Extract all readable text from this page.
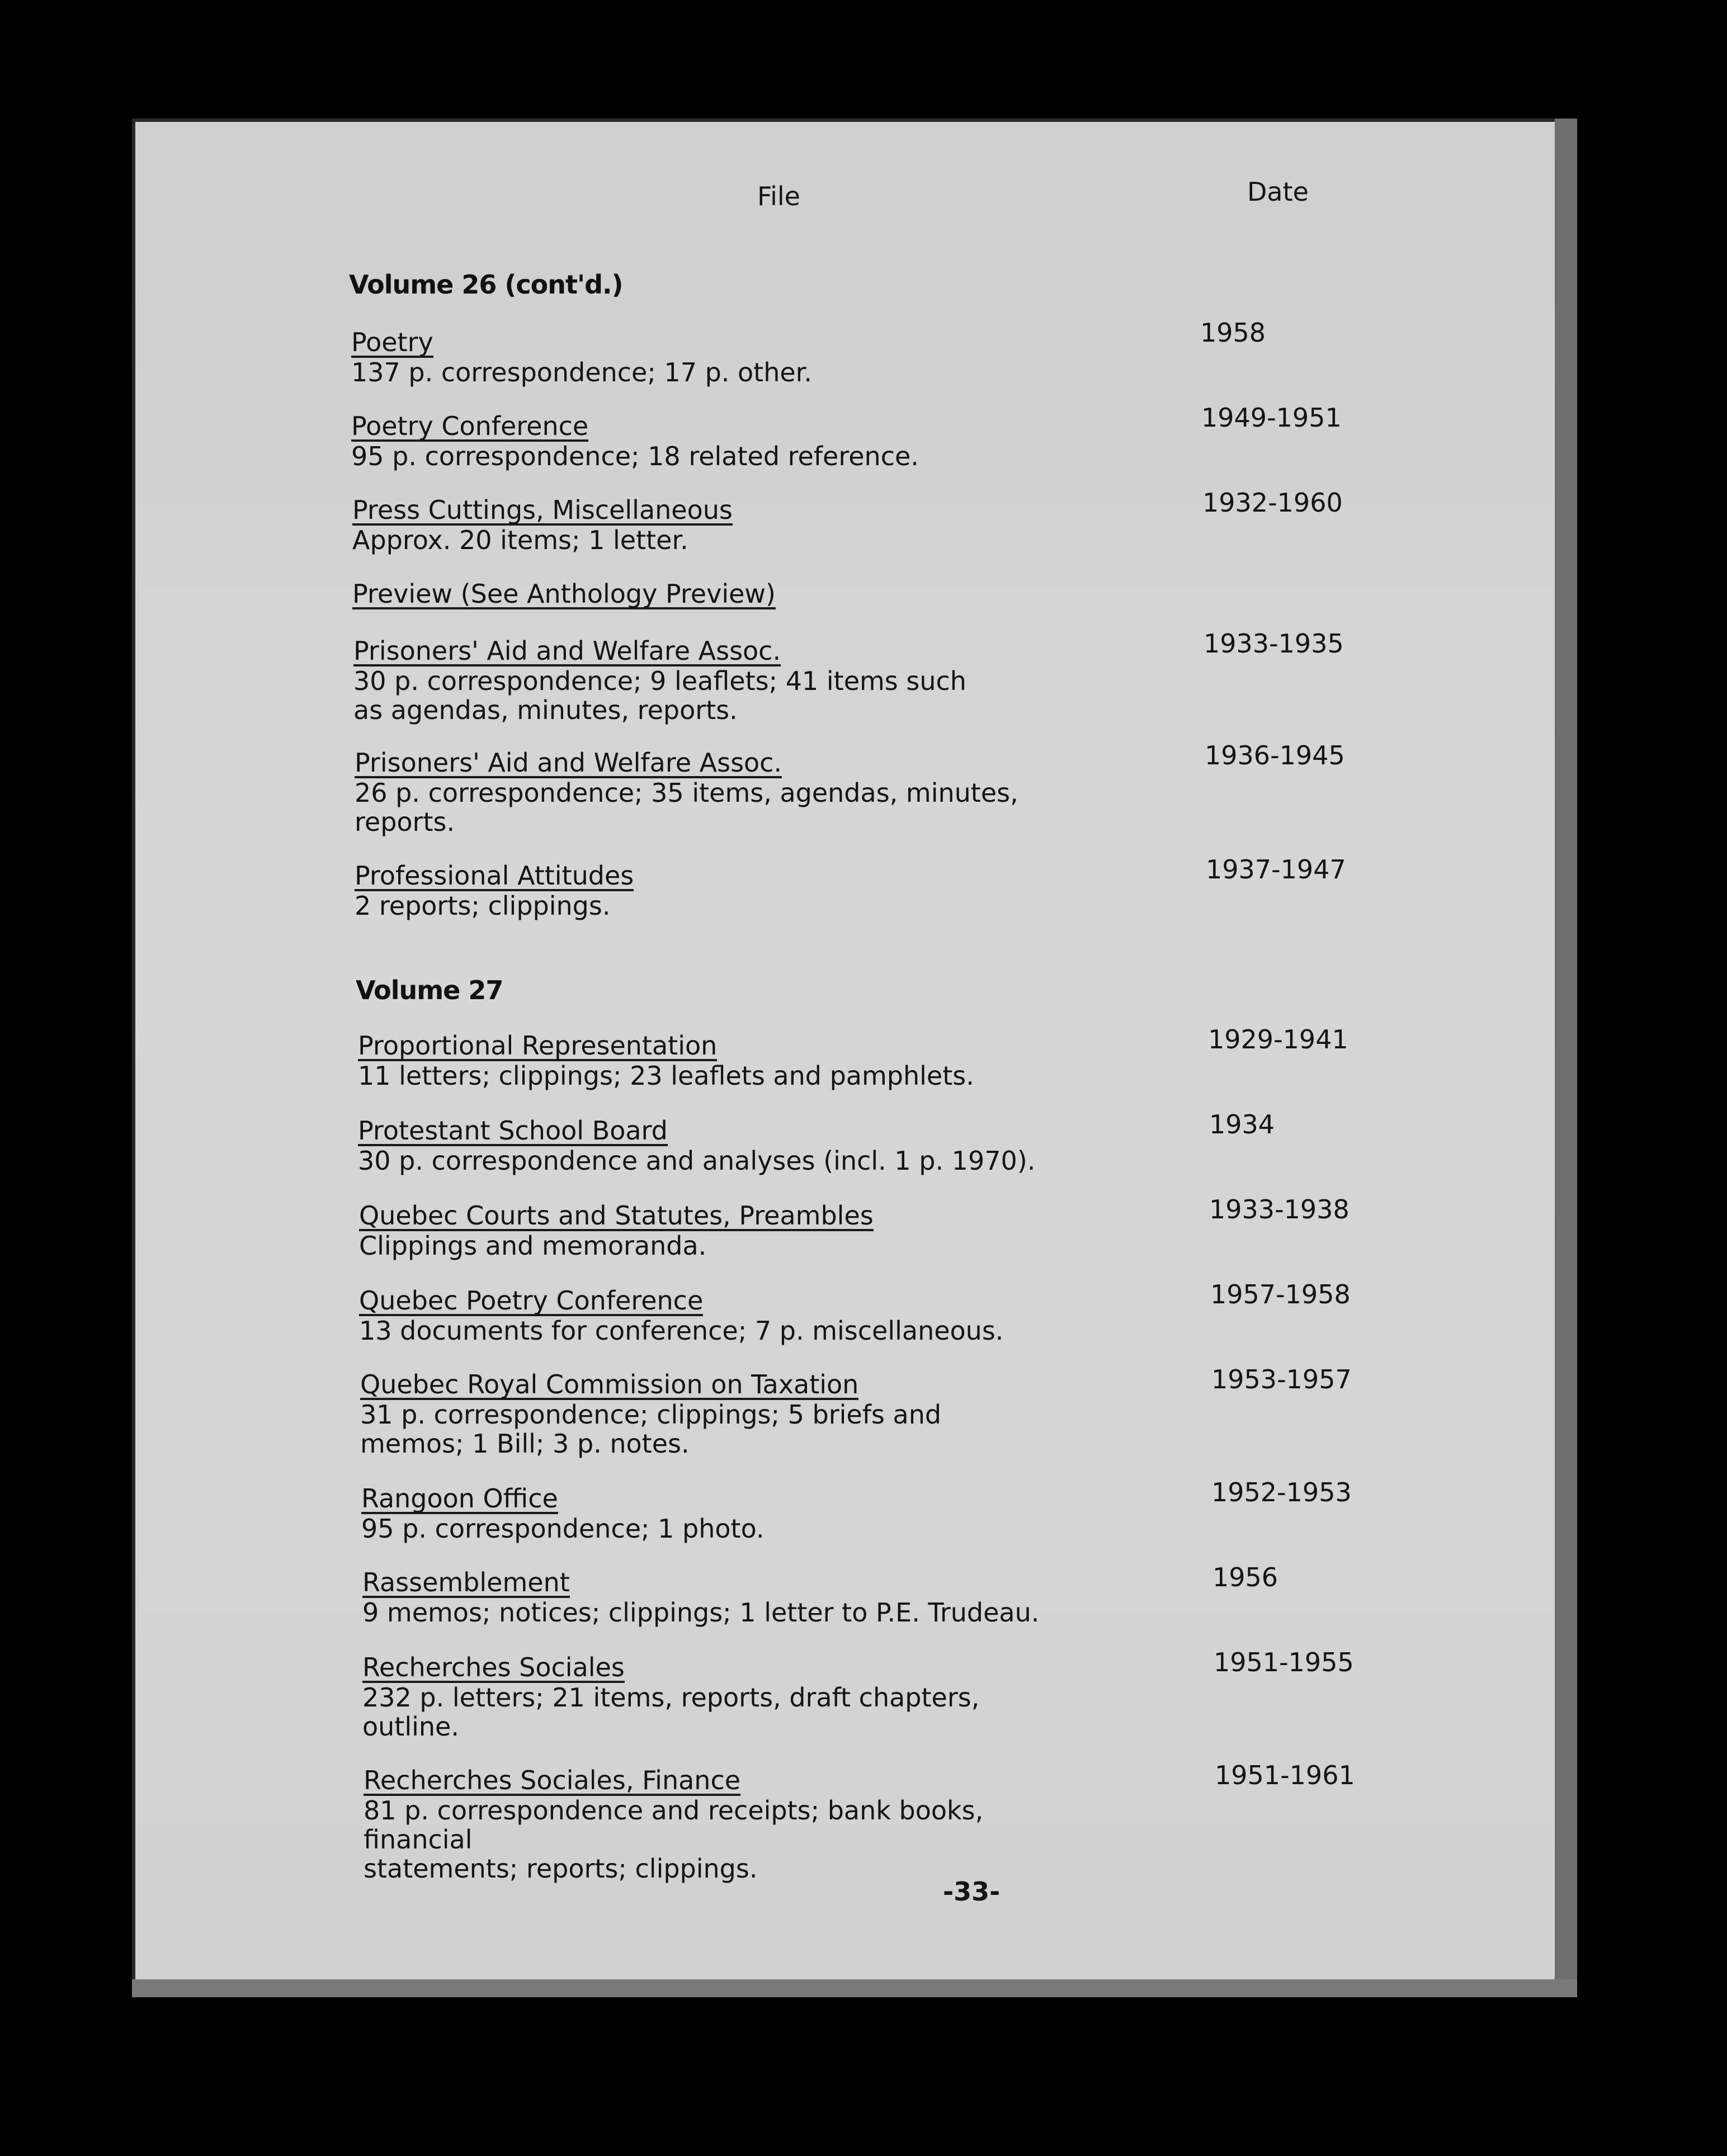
File	Date
Volume 26 (cont'd.)
Volume 27
Poetry
137 p. correspondence; 17 p. other.
1958
Poetry Conference
95 p. correspondence; 18 related reference.
1949-1951
Press Cuttings, Miscellaneous
Approx. 20 items; 1 letter.
1932-1960
Preview (See Anthology Preview)
Prisoners' Aid and Welfare Assoc.
30 p. correspondence; 9 leaflets; 41 items such
as agendas, minutes, reports.
1933-1935
Prisoners' Aid and Welfare Assoc.
26 p. correspondence; 35 items, agendas, minutes,
reports.
1936-1945
Professional Attitudes
2 reports; clippings.
1937-1947
Proportional Representation
11 letters; clippings; 23 leaflets and pamphlets.
1929-1941
Protestant School Board
30 p. correspondence and analyses (incl. 1 p. 1970).
1934
Quebec Courts and Statutes, Preambles
Clippings and memoranda.
1933-1938
Quebec Poetry Conference
13 documents for conference; 7 p. miscellaneous.
1957-1958
Quebec Royal Commission on Taxation
31 p. correspondence; clippings; 5 briefs and
memos; 1 Bill; 3 p. notes.
1953-1957
Rangoon Office
95 p. correspondence; 1 photo.
1952-1953
Rassemblement
9 memos; notices; clippings; 1 letter to P.E. Trudeau.
1956
Recherches Sociales
232 p. letters; 21 items, reports, draft chapters,
outline.
1951-1955
Recherches Sociales, Finance
81 p. correspondence and receipts; bank books, financial
statements; reports; clippings.
1951-1961
-33-
